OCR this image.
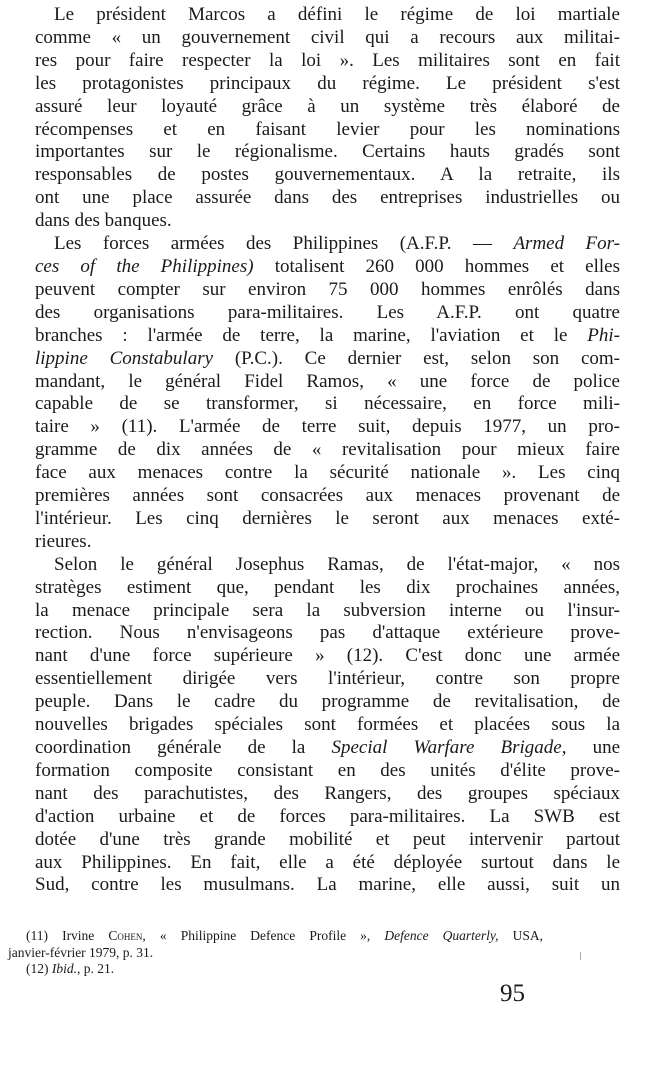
Le président Marcos a défini le régime de loi martiale
comme « un gouvernement civil qui a recours aux militai-
res pour faire respecter la loi ». Les militaires sont en fait
les protagonistes principaux du régime. Le président s'est
assuré leur loyauté grâce à un système très élaboré de
récompenses et en faisant levier pour les nominations
importantes sur le régionalisme. Certains hauts gradés sont
responsables de postes gouvernementaux. A la retraite, ils
ont une place assurée dans des entreprises industrielles ou
dans des banques.
Les forces armées des Philippines (A.F.P. — Armed For-
ces of the Philippines) totalisent 260 000 hommes et elles
peuvent compter sur environ 75 000 hommes enrôlés dans
des organisations para-militaires. Les A.F.P. ont quatre
branches : l'armée de terre, la marine, l'aviation et le Phi-
lippine Constabulary (P.C.). Ce dernier est, selon son com-
mandant, le général Fidel Ramos, « une force de police
capable de se transformer, si nécessaire, en force mili-
taire » (11). L'armée de terre suit, depuis 1977, un pro-
gramme de dix années de « revitalisation pour mieux faire
face aux menaces contre la sécurité nationale ». Les cinq
premières années sont consacrées aux menaces provenant de
l'intérieur. Les cinq dernières le seront aux menaces exté-
rieures.
Selon le général Josephus Ramas, de l'état-major, « nos
stratèges estiment que, pendant les dix prochaines années,
la menace principale sera la subversion interne ou l'insur-
rection. Nous n'envisageons pas d'attaque extérieure prove-
nant d'une force supérieure » (12). C'est donc une armée
essentiellement dirigée vers l'intérieur, contre son propre
peuple. Dans le cadre du programme de revitalisation, de
nouvelles brigades spéciales sont formées et placées sous la
coordination générale de la Special Warfare Brigade, une
formation composite consistant en des unités d'élite prove-
nant des parachutistes, des Rangers, des groupes spéciaux
d'action urbaine et de forces para-militaires. La SWB est
dotée d'une très grande mobilité et peut intervenir partout
aux Philippines. En fait, elle a été déployée surtout dans le
Sud, contre les musulmans. La marine, elle aussi, suit un
(11) Irvine Cohen, « Philippine Defence Profile », Defence Quarterly, USA,
janvier-février 1979, p. 31.
(12) Ibid., p. 21.
95
